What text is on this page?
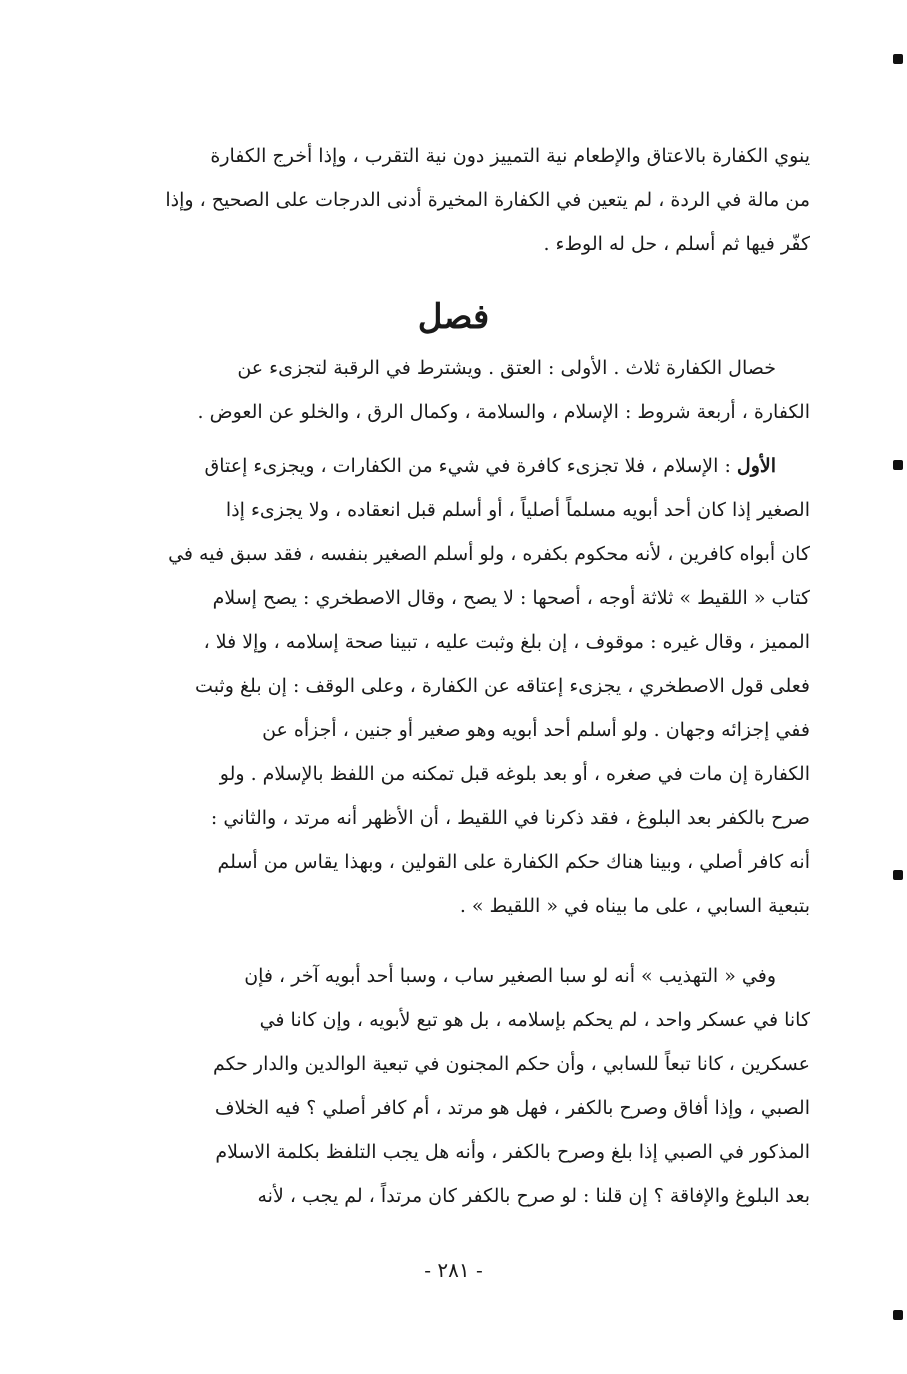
ينوي الكفارة بالاعتاق والإطعام نية التمييز دون نية التقرب ، وإذا أخرج الكفارة
من مالة في الردة ، لم يتعين في الكفارة المخيرة أدنى الدرجات على الصحيح ، وإذا
كفّر فيها ثم أسلم ، حل له الوطء .
فصل
خصال الكفارة ثلاث . الأولى : العتق . ويشترط في الرقبة لتجزىء عن
الكفارة ، أربعة شروط : الإسلام ، والسلامة ، وكمال الرق ، والخلو عن العوض .
الأول : الإسلام ، فلا تجزىء كافرة في شيء من الكفارات ، ويجزىء إعتاق
الصغير إذا كان أحد أبويه مسلماً أصلياً ، أو أسلم قبل انعقاده ، ولا يجزىء إذا
كان أبواه كافرين ، لأنه محكوم بكفره ، ولو أسلم الصغير بنفسه ، فقد سبق فيه في
كتاب « اللقيط » ثلاثة أوجه ، أصحها : لا يصح ، وقال الاصطخري : يصح إسلام
المميز ، وقال غيره : موقوف ، إن بلغ وثبت عليه ، تبينا صحة إسلامه ، وإلا فلا ،
فعلى قول الاصطخري ، يجزىء إعتاقه عن الكفارة ، وعلى الوقف : إن بلغ وثبت
ففي إجزائه وجهان . ولو أسلم أحد أبويه وهو صغير أو جنين ، أجزأه عن
الكفارة إن مات في صغره ، أو بعد بلوغه قبل تمكنه من اللفظ بالإسلام . ولو
صرح بالكفر بعد البلوغ ، فقد ذكرنا في اللقيط ، أن الأظهر أنه مرتد ، والثاني :
أنه كافر أصلي ، وبينا هناك حكم الكفارة على القولين ، وبهذا يقاس من أسلم
بتبعية السابي ، على ما بيناه في « اللقيط » .
وفي « التهذيب » أنه لو سبا الصغير ساب ، وسبا أحد أبويه آخر ، فإن
كانا في عسكر واحد ، لم يحكم بإسلامه ، بل هو تبع لأبويه ، وإن كانا في
عسكرين ، كانا تبعاً للسابي ، وأن حكم المجنون في تبعية الوالدين والدار حكم
الصبي ، وإذا أفاق وصرح بالكفر ، فهل هو مرتد ، أم كافر أصلي ؟ فيه الخلاف
المذكور في الصبي إذا بلغ وصرح بالكفر ، وأنه هل يجب التلفظ بكلمة الاسلام
بعد البلوغ والإفاقة ؟ إن قلنا : لو صرح بالكفر كان مرتداً ، لم يجب ، لأنه
- ٢٨١ -
